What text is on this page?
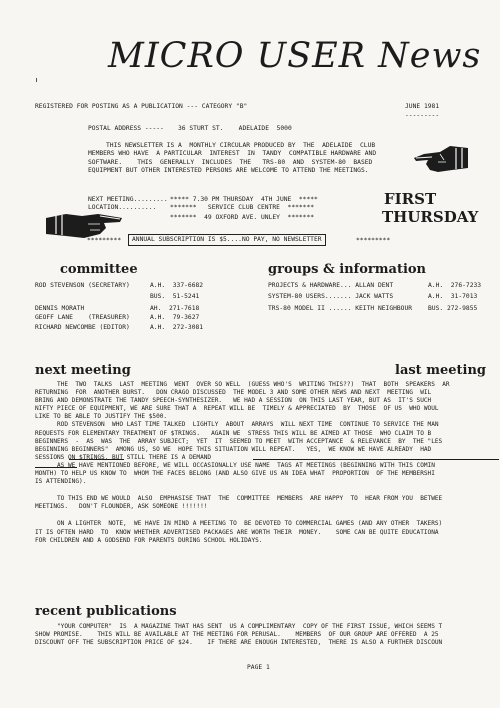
MICRO USER News
REGISTERED FOR POSTING AS A PUBLICATION --- CATEGORY "B"	JUNE 1981
---------
POSTAL ADDRESS ----- 36 STURT ST.    ADELAIDE  5000
THIS NEWSLETTER IS A  MONTHLY CIRCULAR PRODUCED BY  THE  ADELAIDE  CLUB
MEMBERS WHO HAVE  A PARTICULAR  INTEREST  IN  TANDY  COMPATIBLE HARDWARE AND
SOFTWARE.    THIS  GENERALLY  INCLUDES  THE   TRS-80  AND  SYSTEM-80  BASED
EQUIPMENT BUT OTHER INTERESTED PERSONS ARE WELCOME TO ATTEND THE MEETINGS.
NEXT MEETING......... ***** 7.30 PM THURSDAY  4TH JUNE  *****
LOCATION.......... *******   SERVICE CLUB CENTRE  *******
*******  49 OXFORD AVE. UNLEY  *******
FIRST
THURSDAY
*********	ANNUAL SUBSCRIPTION IS $5....NO PAY, NO NEWSLETTER	*********
committee
ROD STEVENSON (SECRETARY)	A.H.  337-6682
BUS.  51-5241
DENNIS MORATH	AH.  271-7618
GEOFF LANE    (TREASURER)	A.H.  79-3627
RICHARD NEWCOMBE (EDITOR)	A.H.  272-3081
groups & information
PROJECTS & HARDWARE... ALLAN DENT	A.H.  276-7233
SYSTEM-80 USERS....... JACK WATTS	A.H.  31-7013
TRS-80 MODEL II ...... KEITH NEIGHBOUR	BUS. 272-9855
next meeting	last meeting
THE  TWO  TALKS  LAST  MEETING  WENT  OVER SO WELL  (GUESS WHO'S  WRITING THIS??)  THAT  BOTH  SPEAKERS  AR
RETURNING  FOR  ANOTHER BURST.   DON CRAGO DISCUSSED  THE MODEL 3 AND SOME OTHER NEWS AND NEXT  MEETING  WIL
BRING AND DEMONSTRATE THE TANDY SPEECH-SYNTHESIZER.   WE HAD A SESSION  ON THIS LAST YEAR, BUT AS  IT'S SUCH
NIFTY PIECE OF EQUIPMENT, WE ARE SURE THAT A  REPEAT WILL BE  TIMELY & APPRECIATED  BY  THOSE  OF US  WHO WOUL
LIKE TO BE ABLE TO JUSTIFY THE $500.
ROD STEVENSON  WHO LAST TIME TALKED  LIGHTLY  ABOUT  ARRAYS  WILL NEXT TIME  CONTINUE TO SERVICE THE MAN
REQUESTS FOR ELEMENTARY TREATMENT OF $TRINGS.   AGAIN WE  STRESS THIS WILL BE AIMED AT THOSE  WHO CLAIM TO B
BEGINNERS  -  AS  WAS  THE  ARRAY SUBJECT;  YET  IT  SEEMED TO MEET  WITH ACCEPTANCE  & RELEVANCE  BY  THE "LES
BEGINNING BEGINNERS"  AMONG US, SO WE  HOPE THIS SITUATION WILL REPEAT.   YES,  WE KNOW WE HAVE ALREADY  HAD
SESSIONS ON $TRINGS, BUT STILL THERE IS A DEMAND
AS WE HAVE MENTIONED BEFORE, WE WILL OCCASIONALLY USE NAME  TAGS AT MEETINGS (BEGINNING WITH THIS COMIN
MONTH) TO HELP US KNOW TO  WHOM THE FACES BELONG (AND ALSO GIVE US AN IDEA WHAT  PROPORTION  OF THE MEMBERSHI
IS ATTENDING).
TO THIS END WE WOULD  ALSO  EMPHASISE THAT  THE  COMMITTEE  MEMBERS  ARE HAPPY  TO  HEAR FROM YOU  BETWEE
MEETINGS.   DON'T FLOUNDER, ASK SOMEONE !!!!!!!
ON A LIGHTER  NOTE,  WE HAVE IN MIND A MEETING TO  BE DEVOTED TO COMMERCIAL GAMES (AND ANY OTHER  TAKERS)
IT IS OFTEN HARD  TO  KNOW WHETHER ADVERTISED PACKAGES ARE WORTH THEIR  MONEY.    SOME CAN BE QUITE EDUCATIONA
FOR CHILDREN AND A GODSEND FOR PARENTS DURING SCHOOL HOLIDAYS.
recent publications
"YOUR COMPUTER"  IS  A MAGAZINE THAT HAS SENT  US A COMPLIMENTARY  COPY OF THE FIRST ISSUE, WHICH SEEMS T
SHOW PROMISE.    THIS WILL BE AVAILABLE AT THE MEETING FOR PERUSAL.    MEMBERS  OF OUR GROUP ARE OFFERED  A 25
DISCOUNT OFF THE SUBSCRIPTION PRICE OF $24.    IF THERE ARE ENOUGH INTERESTED,  THERE IS ALSO A FURTHER DISCOUN
PAGE 1
